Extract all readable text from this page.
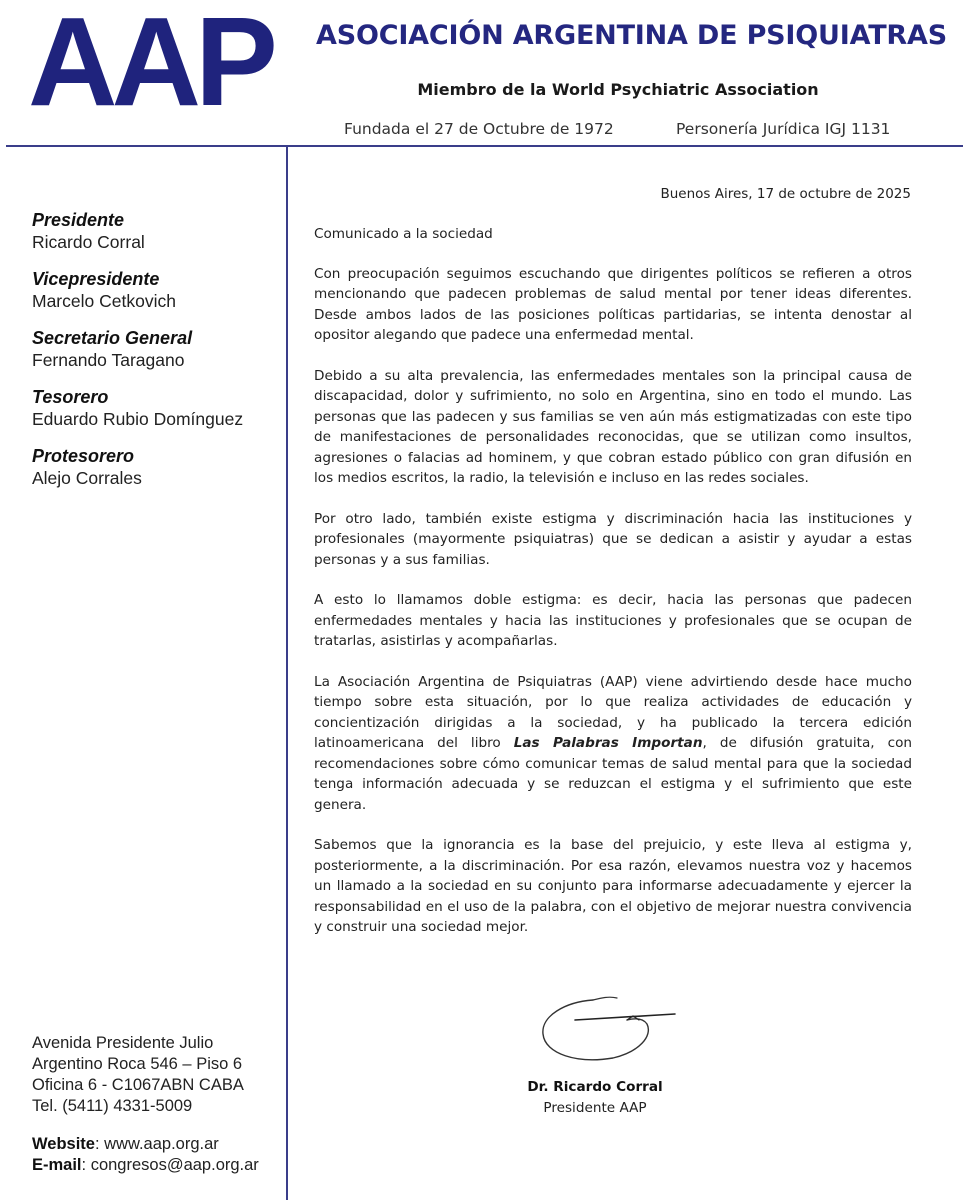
AAP	ASOCIACIÓN ARGENTINA DE PSIQUIATRAS
Miembro de la World Psychiatric Association
Fundada el 27 de Octubre de 1972	Personería Jurídica IGJ 1131
Presidente
Ricardo Corral
Vicepresidente
Marcelo Cetkovich
Secretario General
Fernando Taragano
Tesorero
Eduardo Rubio Domínguez
Protesorero
Alejo Corrales
Avenida Presidente Julio
Argentino Roca 546 – Piso 6
Oficina 6 - C1067ABN CABA
Tel. (5411) 4331-5009
Website: www.aap.org.ar
E-mail: congresos@aap.org.ar
Buenos Aires, 17 de octubre de 2025

Comunicado a la sociedad

Con preocupación seguimos escuchando que dirigentes políticos se refieren a otros mencionando que padecen problemas de salud mental por tener ideas diferentes. Desde ambos lados de las posiciones políticas partidarias, se intenta denostar al opositor alegando que padece una enfermedad mental.

Debido a su alta prevalencia, las enfermedades mentales son la principal causa de discapacidad, dolor y sufrimiento, no solo en Argentina, sino en todo el mundo. Las personas que las padecen y sus familias se ven aún más estigmatizadas con este tipo de manifestaciones de personalidades reconocidas, que se utilizan como insultos, agresiones o falacias ad hominem, y que cobran estado público con gran difusión en los medios escritos, la radio, la televisión e incluso en las redes sociales.

Por otro lado, también existe estigma y discriminación hacia las instituciones y profesionales (mayormente psiquiatras) que se dedican a asistir y ayudar a estas personas y a sus familias.

A esto lo llamamos doble estigma: es decir, hacia las personas que padecen enfermedades mentales y hacia las instituciones y profesionales que se ocupan de tratarlas, asistirlas y acompañarlas.

La Asociación Argentina de Psiquiatras (AAP) viene advirtiendo desde hace mucho tiempo sobre esta situación, por lo que realiza actividades de educación y concientización dirigidas a la sociedad, y ha publicado la tercera edición latinoamericana del libro Las Palabras Importan, de difusión gratuita, con recomendaciones sobre cómo comunicar temas de salud mental para que la sociedad tenga información adecuada y se reduzcan el estigma y el sufrimiento que este genera.

Sabemos que la ignorancia es la base del prejuicio, y este lleva al estigma y, posteriormente, a la discriminación. Por esa razón, elevamos nuestra voz y hacemos un llamado a la sociedad en su conjunto para informarse adecuadamente y ejercer la responsabilidad en el uso de la palabra, con el objetivo de mejorar nuestra convivencia y construir una sociedad mejor.

Dr. Ricardo Corral
Presidente AAP
